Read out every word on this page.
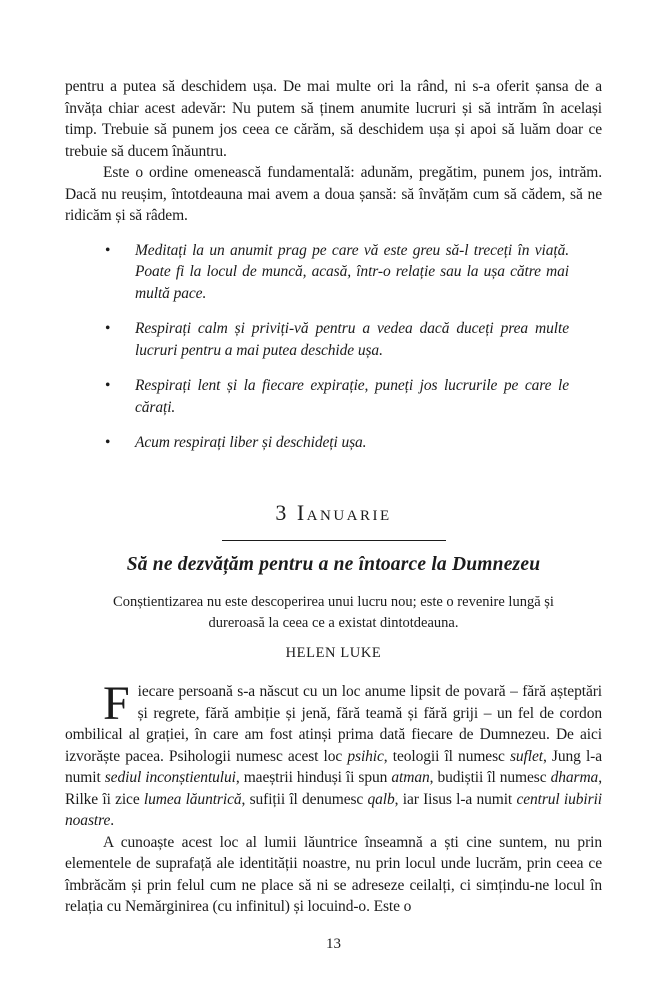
pentru a putea să deschidem ușa. De mai multe ori la rând, ni s-a oferit șansa de a învăța chiar acest adevăr: Nu putem să ținem anumite lucruri și să intrăm în același timp. Trebuie să punem jos ceea ce cărăm, să deschidem ușa și apoi să luăm doar ce trebuie să ducem înăuntru.

Este o ordine omenească fundamentală: adunăm, pregătim, punem jos, intrăm. Dacă nu reușim, întotdeauna mai avem a doua șansă: să învățăm cum să cădem, să ne ridicăm și să râdem.

•	Meditați la un anumit prag pe care vă este greu să-l treceți în viață. Poate fi la locul de muncă, acasă, într-o relație sau la ușa către mai multă pace.
•	Respirați calm și priviți-vă pentru a vedea dacă duceți prea multe lucruri pentru a mai putea deschide ușa.
•	Respirați lent și la fiecare expirație, puneți jos lucrurile pe care le cărați.
•	Acum respirați liber și deschideți ușa.
3 Ianuarie
Să ne dezvățăm pentru a ne întoarce la Dumnezeu

Conștientizarea nu este descoperirea unui lucru nou; este o revenire lungă și dureroasă la ceea ce a existat dintotdeauna.

HELEN LUKE

Fiecare persoană s-a născut cu un loc anume lipsit de povară – fără așteptări și regrete, fără ambiție și jenă, fără teamă și fără griji – un fel de cordon ombilical al grației, în care am fost atinși prima dată fiecare de Dumnezeu. De aici izvorăște pacea. Psihologii numesc acest loc psihic, teologii îl numesc suflet, Jung l-a numit sediul inconștientului, maeștrii hinduși îi spun atman, budiștii îl numesc dharma, Rilke îi zice lumea lăuntrică, sufiții îl denumesc qalb, iar Iisus l-a numit centrul iubirii noastre.

A cunoaște acest loc al lumii lăuntrice înseamnă a ști cine suntem, nu prin elementele de suprafață ale identității noastre, nu prin locul unde lucrăm, prin ceea ce îmbrăcăm și prin felul cum ne place să ni se adreseze ceilalți, ci simțindu-ne locul în relația cu Nemărginirea (cu infinitul) și locuind-o. Este o

13
